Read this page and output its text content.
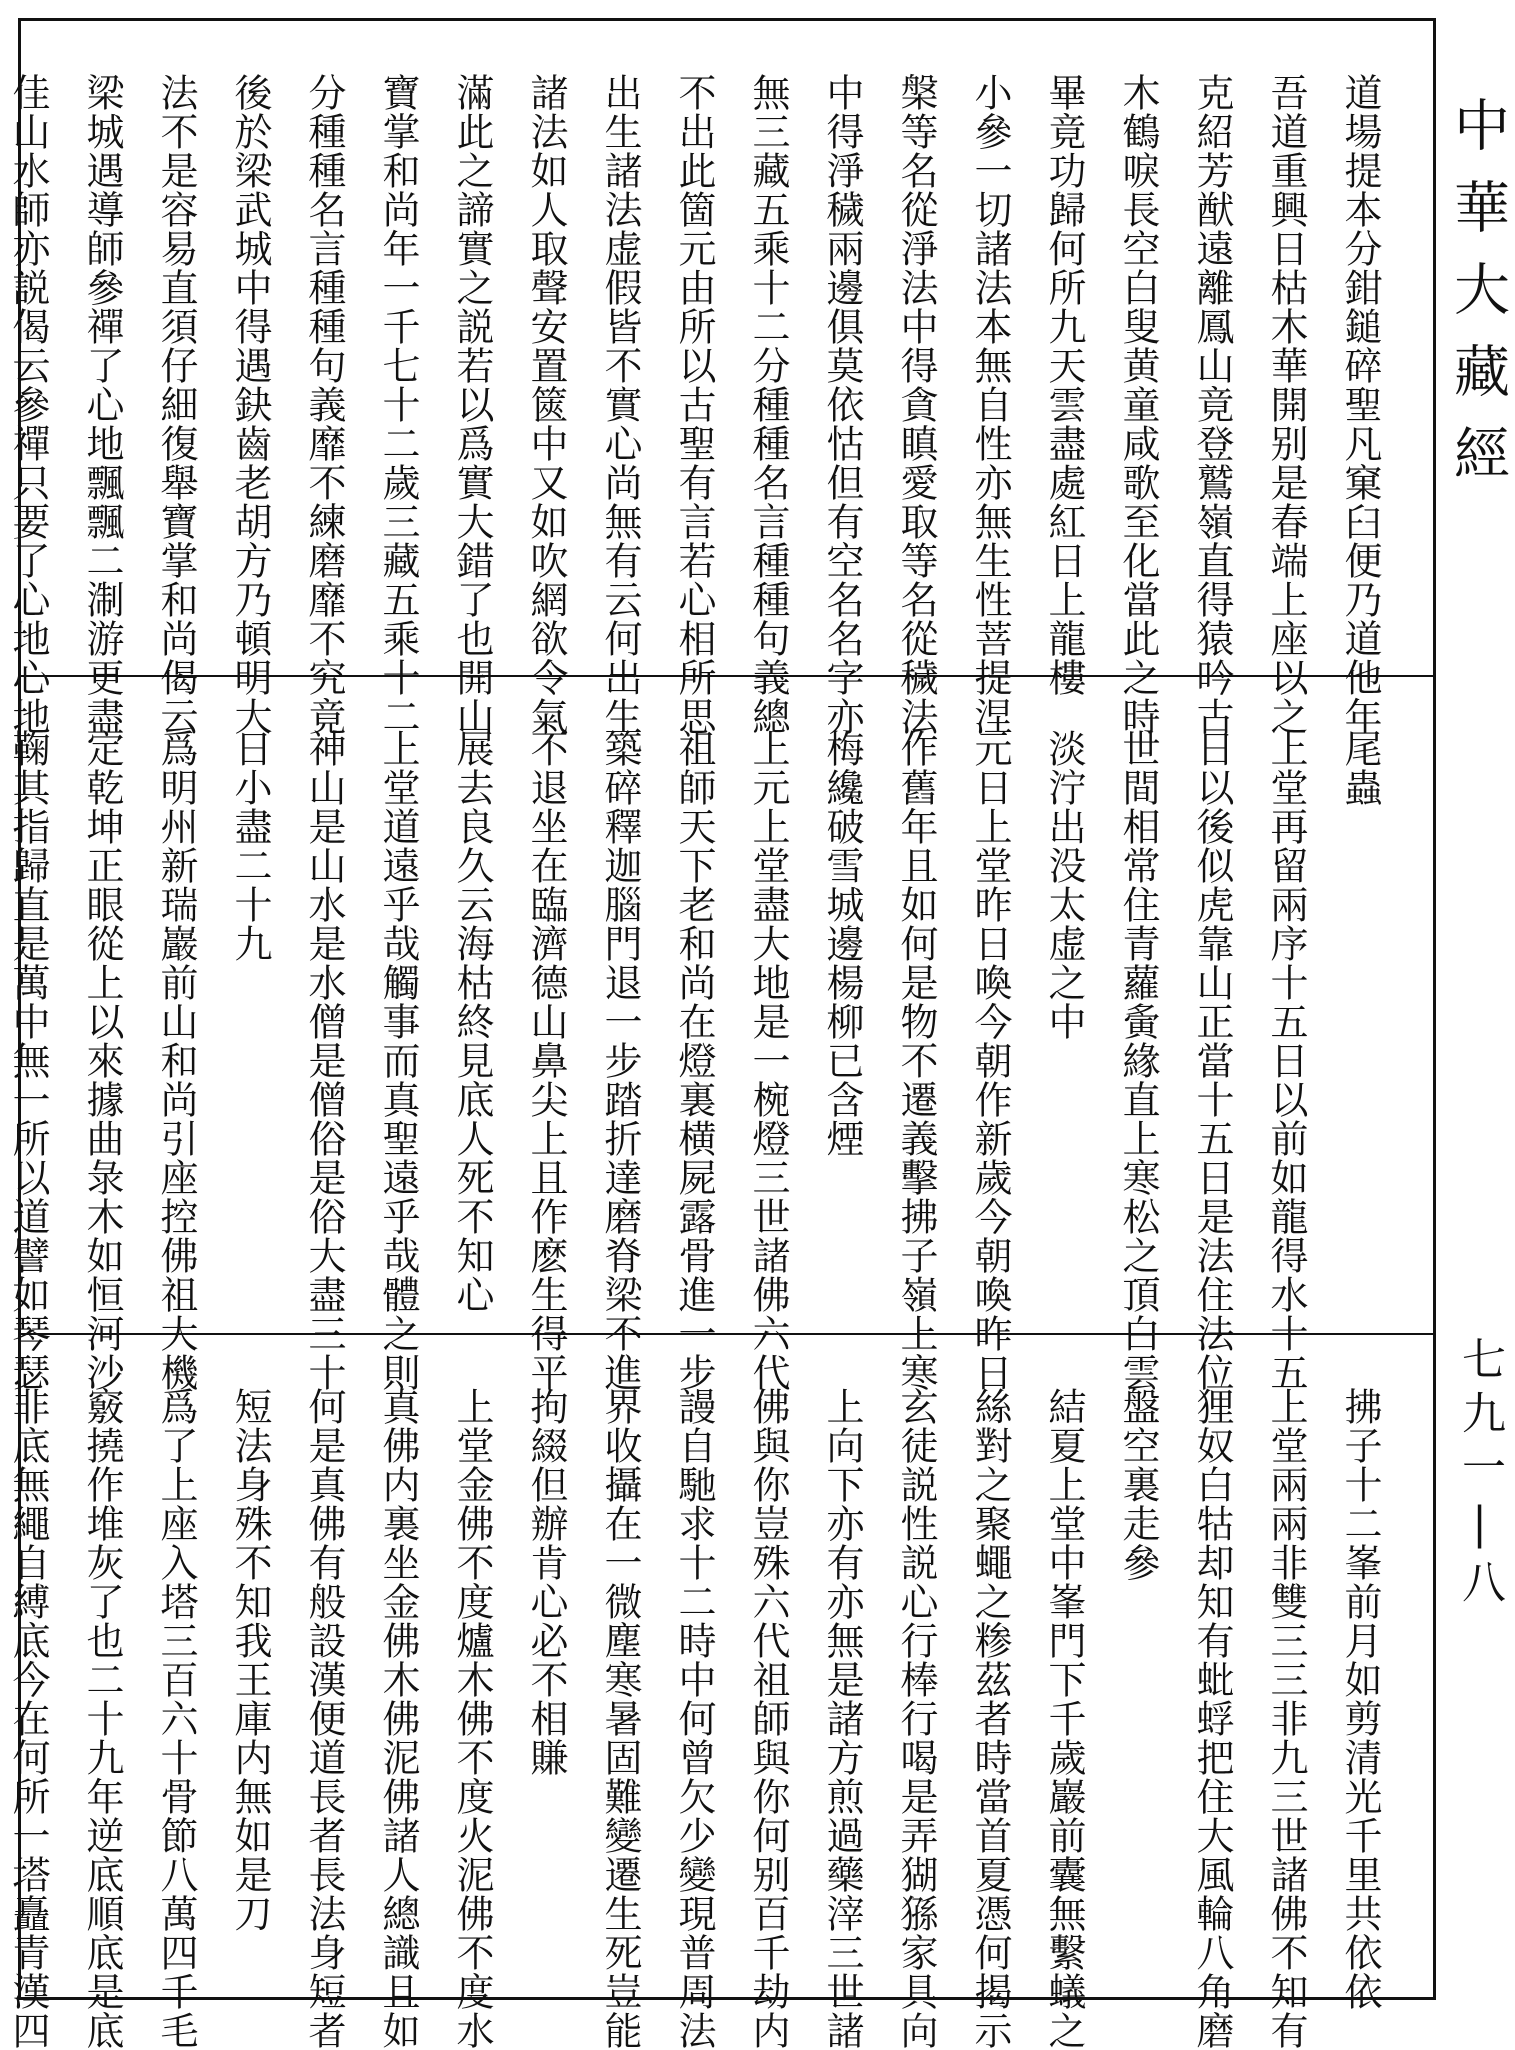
道場提本分鉗鎚碎聖凡窠臼便乃道他年
吾道重興日枯木華開别是春端上座以之
克紹芳猷遠離鳳山竟登鷲嶺直得猿吟古
木鶴唳長空白叟黄童咸歌至化當此之時
畢竟功歸何所九天雲盡處紅日上龍樓
小參一切諸法本無自性亦無生性菩提涅
槃等名從淨法中得貪瞋愛取等名從穢法
中得淨穢兩邊俱莫依怙但有空名名字亦
無三藏五乘十二分種種名言種種句義總
不出此箇元由所以古聖有言若心相所思
出生諸法虚假皆不實心尚無有云何出生
諸法如人取聲安置篋中又如吹網欲令氣
滿此之諦實之説若以爲實大錯了也開山
寶掌和尚年一千七十二歲三藏五乘十二
分種種名言種種句義靡不練磨靡不究竟
後於梁武城中得遇鈌齒老胡方乃頓明大
法不是容易直須仔細復舉寶掌和尚偈云
梁城遇導師參禪了心地飄飄二淛游更盡
佳山水師亦説偈云參禪只要了心地心地
尾蟲
上堂再留兩序十五日以前如龍得水十五
日以後似虎靠山正當十五日是法住法位
世間相常住青蘿夤緣直上寒松之頂白雲
淡泞出没太虚之中
元日上堂昨日喚今朝作新歲今朝喚昨日
作舊年且如何是物不遷義擊拂子嶺上寒
梅纔破雪城邊楊柳已含煙
上元上堂盡大地是一椀燈三世諸佛六代
祖師天下老和尚在燈裏横屍露骨進一步
築碎釋迦腦門退一步踏折達磨脊梁不進
不退坐在臨濟德山鼻尖上且作麽生得平
展去良久云海枯終見底人死不知心
上堂道遠乎哉觸事而真聖遠乎哉體之則
神山是山水是水僧是僧俗是俗大盡三十
日小盡二十九
爲明州新瑞巖前山和尚引座控佛祖大機
定乾坤正眼從上以來據曲彔木如恒河沙
鞠其指歸直是萬中無一所以道譬如琴瑟
拂子十二峯前月如剪清光千里共依依
上堂兩兩非雙三三非九三世諸佛不知有
狸奴白牯却知有蚍蜉把住大風輪八角磨
盤空裏走參
結夏上堂中峯門下千歲巖前囊無繫蟻之
絲對之聚蠅之糁茲者時當首夏憑何揭示
玄徒説性説心行棒行喝是弄猢猻家具向
上向下亦有亦無是諸方煎過藥滓三世諸
佛與你豈殊六代祖師與你何别百千劫内
謾自馳求十二時中何曾欠少變現普周法
界收攝在一微塵寒暑固難變遷生死豈能
拘綴但辦肯心必不相賺
上堂金佛不度爐木佛不度火泥佛不度水
真佛内裏坐金佛木佛泥佛諸人總識且如
何是真佛有般設漢便道長者長法身短者
短法身殊不知我王庫内無如是刀
爲了上座入塔三百六十骨節八萬四千毛
竅撓作堆灰了也二十九年逆底順底是底
非底無繩自縛底今在何所一塔矗青漢四
中華大藏經
七九一|八
